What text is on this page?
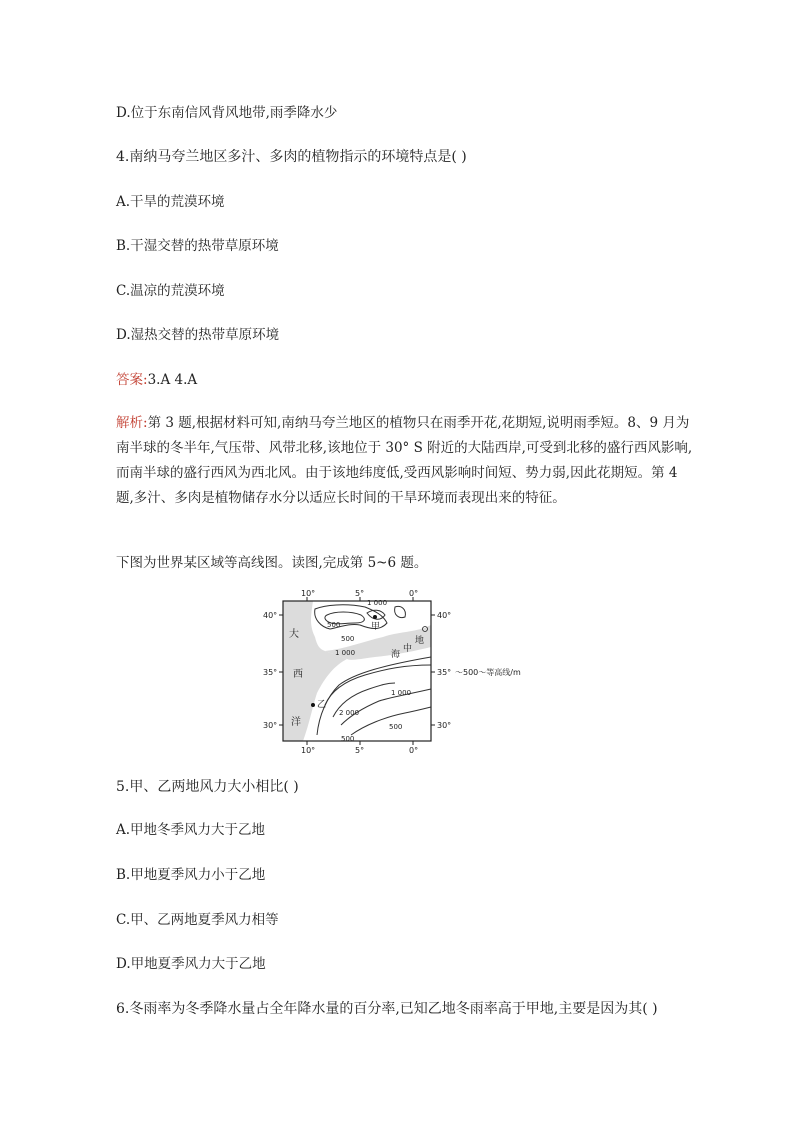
D.位于东南信风背风地带,雨季降水少
4.南纳马夸兰地区多汁、多肉的植物指示的环境特点是( )
A.干旱的荒漠环境
B.干湿交替的热带草原环境
C.温凉的荒漠环境
D.湿热交替的热带草原环境
答案:3.A 4.A
解析:第 3 题,根据材料可知,南纳马夸兰地区的植物只在雨季开花,花期短,说明雨季短。8、9 月为南半球的冬半年,气压带、风带北移,该地位于 30° S 附近的大陆西岸,可受到北移的盛行西风影响,而南半球的盛行西风为西北风。由于该地纬度低,受西风影响时间短、势力弱,因此花期短。第 4 题,多汁、多肉是植物储存水分以适应长时间的干旱环境而表现出来的特征。
下图为世界某区域等高线图。读图,完成第 5~6 题。
10°	5°	0°
10°	5°	0°
40°
35°
30°
40°
35°
30°
～500～等高线/m
大
西
洋
地
中
海
1 000
500
500
1 000
2 000
1 000
500
500
甲
乙
5.甲、乙两地风力大小相比( )
A.甲地冬季风力大于乙地
B.甲地夏季风力小于乙地
C.甲、乙两地夏季风力相等
D.甲地夏季风力大于乙地
6.冬雨率为冬季降水量占全年降水量的百分率,已知乙地冬雨率高于甲地,主要是因为其( )
